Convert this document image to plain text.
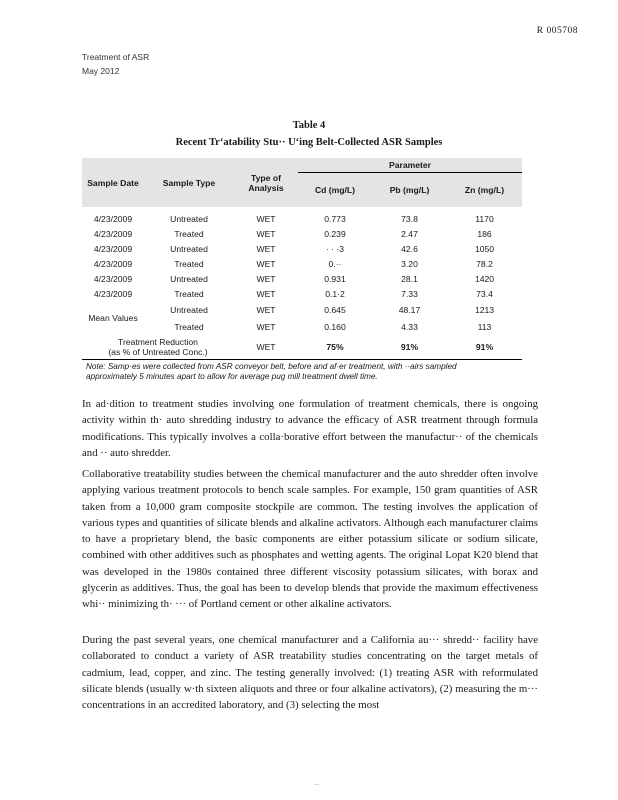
R 005708
Treatment of ASR
May 2012
Table 4
Recent Trʻatability Stu·· Uʻing Belt-Collected ASR Samples
Sample Date	Sample Type	Type of Analysis	Parameter		
			Cd (mg/L)	Pb (mg/L)	Zn (mg/L)
4/23/2009	Untreated	WET	0.773	73.8	1170
4/23/2009	Treated	WET	0.239	2.47	186
4/23/2009	Untreated	WET	· · ·3	42.6	1050
4/23/2009	Treated	WET	0.··	3.20	78.2
4/23/2009	Untreated	WET	0.931	28.1	1420
4/23/2009	Treated	WET	0.1·2	7.33	73.4
Mean Values	Untreated	WET	0.645	48.17	1213
	Treated	WET	0.160	4.33	113

Treatment Reduction
(as % of Untreated Conc.)		WET	75%	91%	91%
Note: Samp·es were collected from ASR conveyor belt, before and af·er treatment, with ··airs sampled
approximately 5 minutes apart to allow for average pug mill treatment dwell time.

In ad·dition to treatment studies involving one formulation of treatment chemicals, there is ongoing activity within th· auto shredding industry to advance the efficacy of ASR treatment through formula modifications. This typically involves a colla·borative effort between the manufactur·· of the chemicals and ·· auto shredder.

Collaborative treatability studies between the chemical manufacturer and the auto shredder often involve applying various treatment protocols to bench scale samples. For example, 150 gram quantities of ASR taken from a 10,000 gram composite stockpile are common. The testing involves the application of various types and quantities of silicate blends and alkaline activators. Although each manufacturer claims to have a proprietary blend, the basic components are either potassium silicate or sodium silicate, combined with other additives such as phosphates and wetting agents. The original Lopat K20 blend that was developed in the 1980s contained three different viscosity potassium silicates, with borax and glycerin as additives. Thus, the goal has been to develop blends that provide the maximum effectiveness whi·· minimizing th· ··· of Portland cement or other alkaline activators.

During the past several years, one chemical manufacturer and a California au··· shredd·· facility have collaborated to conduct a variety of ASR treatability studies concentrating on the target metals of cadmium, lead, copper, and zinc. The testing generally involved: (1) treating ASR with reformulated silicate blends (usually w·th sixteen aliquots and three or four alkaline activators), (2) measuring the m··· concentrations in an accredited laboratory, and (3) selecting the most

··
